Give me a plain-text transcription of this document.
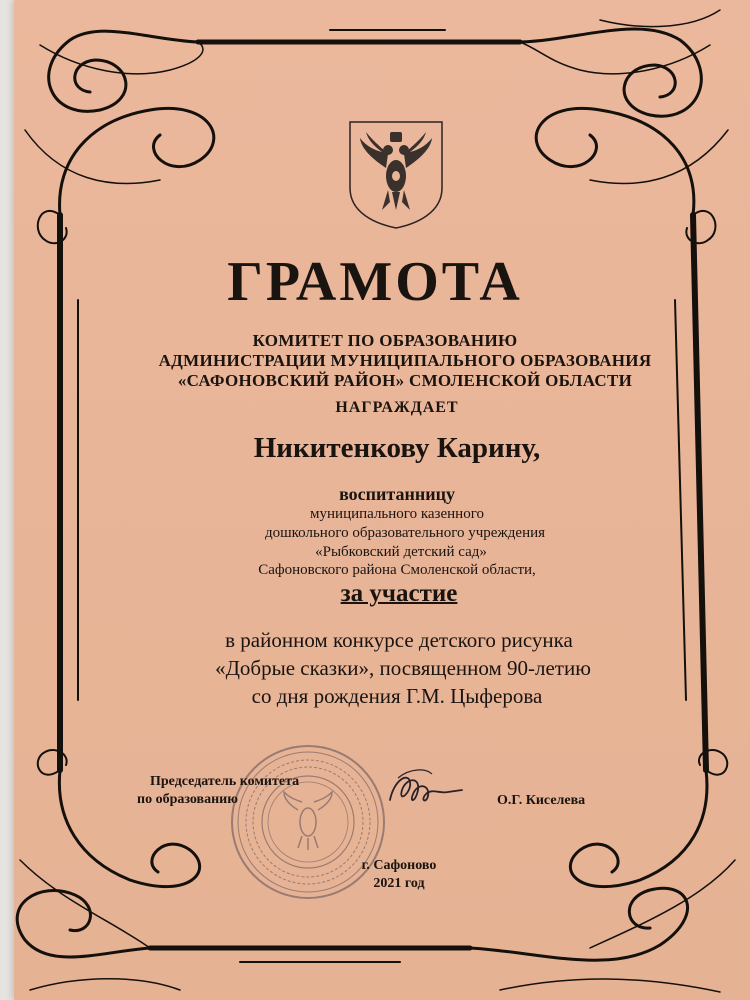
ГРАМОТА
КОМИТЕТ ПО ОБРАЗОВАНИЮ
АДМИНИСТРАЦИИ МУНИЦИПАЛЬНОГО ОБРАЗОВАНИЯ
«САФОНОВСКИЙ РАЙОН» СМОЛЕНСКОЙ ОБЛАСТИ
НАГРАЖДАЕТ
Никитенкову Карину,
воспитанницу
муниципального казенного
дошкольного образовательного учреждения
«Рыбковский детский сад»
Сафоновского района Смоленской области,
за участие
в районном конкурсе детского рисунка
«Добрые сказки», посвященном 90-летию
со дня рождения Г.М. Цыферова
Председатель комитета
по образованию	О.Г. Киселева
г. Сафоново
2021 год
